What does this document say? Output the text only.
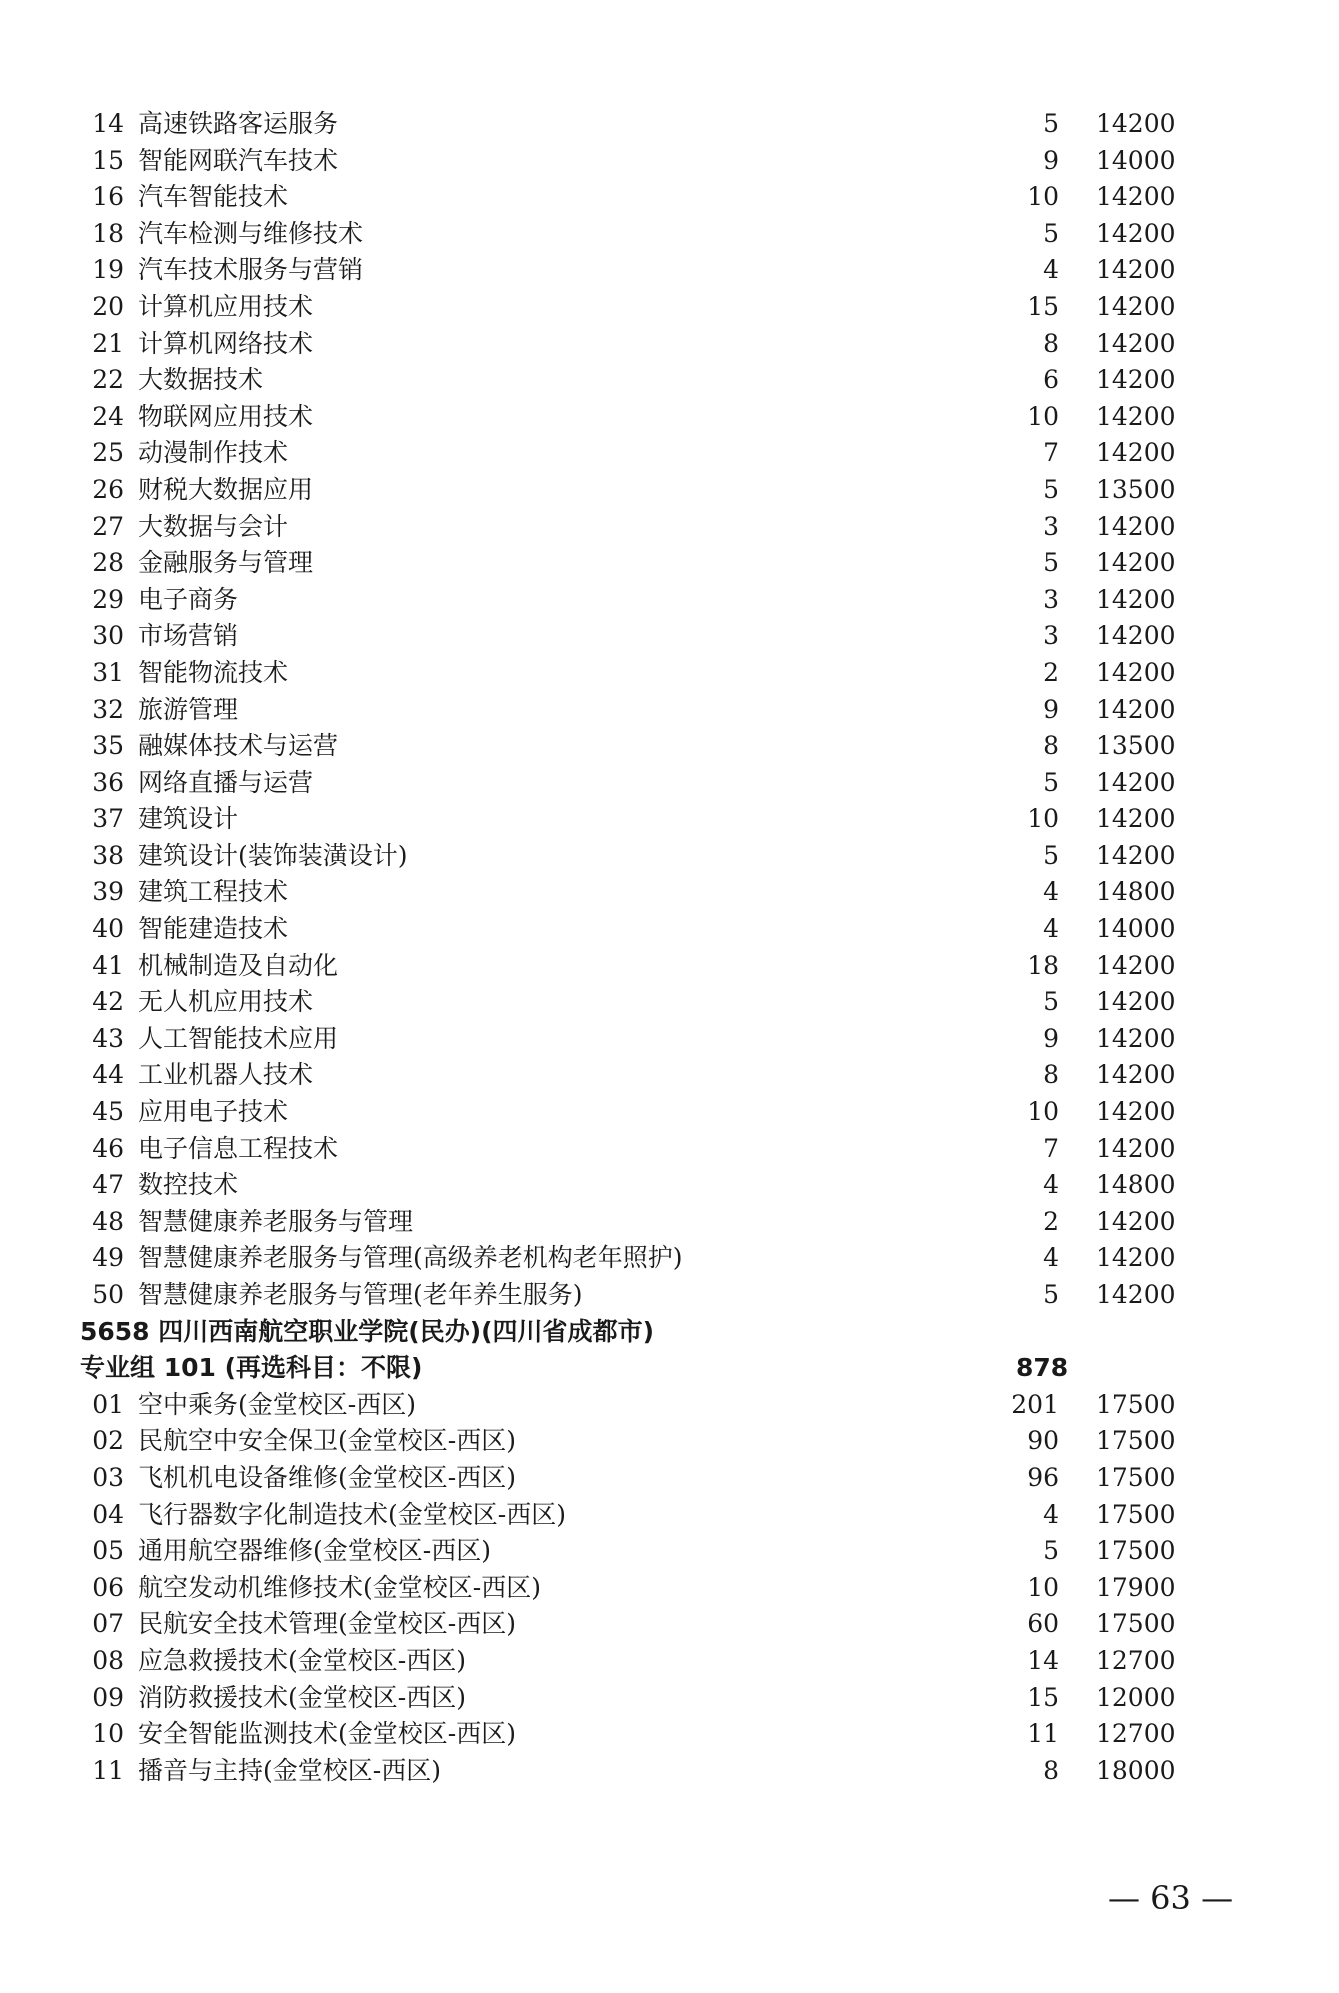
14 高速铁路客运服务	5 14200
15 智能网联汽车技术	9 14000
16 汽车智能技术	10 14200
18 汽车检测与维修技术	5 14200
19 汽车技术服务与营销	4 14200
20 计算机应用技术	15 14200
21 计算机网络技术	8 14200
22 大数据技术	6 14200
24 物联网应用技术	10 14200
25 动漫制作技术	7 14200
26 财税大数据应用	5 13500
27 大数据与会计	3 14200
28 金融服务与管理	5 14200
29 电子商务	3 14200
30 市场营销	3 14200
31 智能物流技术	2 14200
32 旅游管理	9 14200
35 融媒体技术与运营	8 13500
36 网络直播与运营	5 14200
37 建筑设计	10 14200
38 建筑设计(装饰装潢设计)	5 14200
39 建筑工程技术	4 14800
40 智能建造技术	4 14000
41 机械制造及自动化	18 14200
42 无人机应用技术	5 14200
43 人工智能技术应用	9 14200
44 工业机器人技术	8 14200
45 应用电子技术	10 14200
46 电子信息工程技术	7 14200
47 数控技术	4 14800
48 智慧健康养老服务与管理	2 14200
49 智慧健康养老服务与管理(高级养老机构老年照护)	4 14200
50 智慧健康养老服务与管理(老年养生服务)	5 14200
5658 四川西南航空职业学院(民办)(四川省成都市)
专业组 101 (再选科目：不限)	878
01 空中乘务(金堂校区-西区)	201 17500
02 民航空中安全保卫(金堂校区-西区)	90 17500
03 飞机机电设备维修(金堂校区-西区)	96 17500
04 飞行器数字化制造技术(金堂校区-西区)	4 17500
05 通用航空器维修(金堂校区-西区)	5 17500
06 航空发动机维修技术(金堂校区-西区)	10 17900
07 民航安全技术管理(金堂校区-西区)	60 17500
08 应急救援技术(金堂校区-西区)	14 12700
09 消防救援技术(金堂校区-西区)	15 12000
10 安全智能监测技术(金堂校区-西区)	11 12700
11 播音与主持(金堂校区-西区)	8 18000
— 63 —
